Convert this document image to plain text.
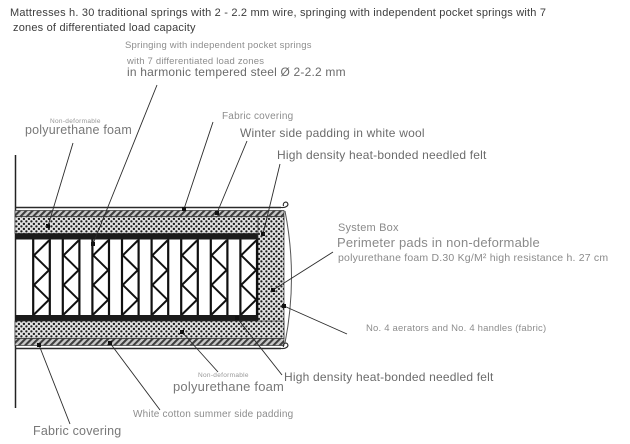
Mattresses h. 30 traditional springs with 2 - 2.2 mm wire, springing with independent pocket springs with 7
zones of differentiated load capacity
Springing with independent pocket springs
with 7 differentiated load zones
in harmonic tempered steel Ø 2-2.2 mm
Non-deformable
polyurethane foam
Fabric covering
Winter side padding in white wool
High density heat-bonded needled felt
System Box
Perimeter pads in non-deformable
polyurethane foam D.30 Kg/M² high resistance h. 27 cm
No. 4 aerators and No. 4 handles (fabric)
High density heat-bonded needled felt
Non-deformable
polyurethane foam
White cotton summer side padding
Fabric covering
